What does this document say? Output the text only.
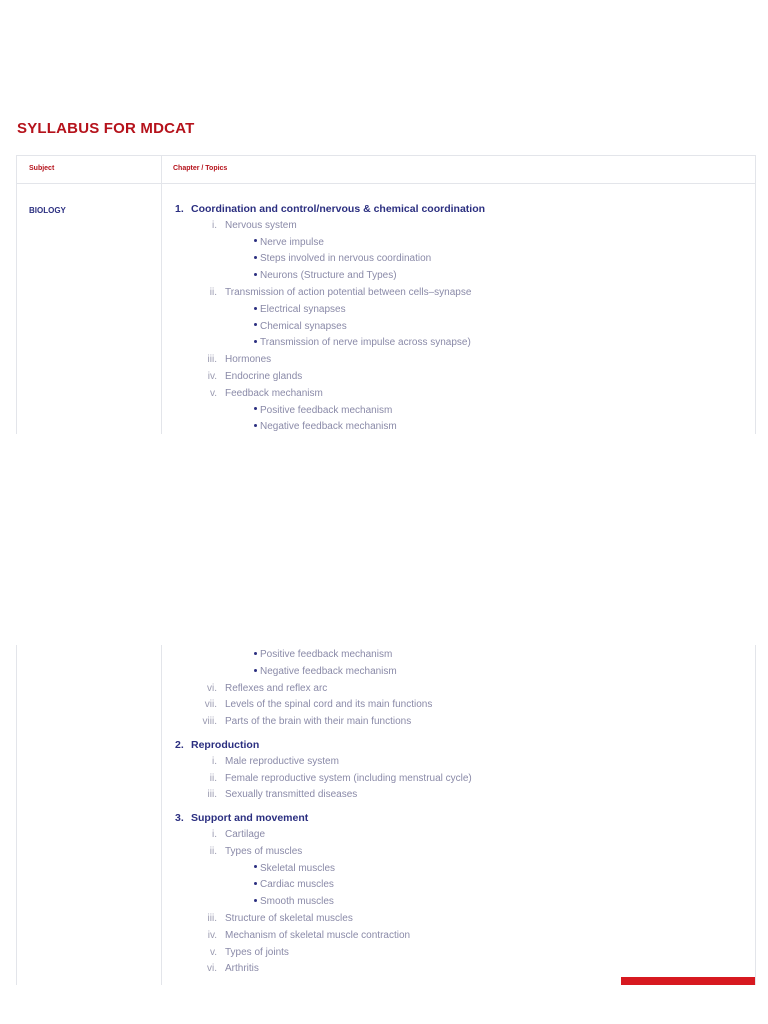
SYLLABUS FOR MDCAT
Subject	Chapter / Topics
BIOLOGY	1. Coordination and control/nervous & chemical coordination
i. Nervous system
Nerve impulse
Steps involved in nervous coordination
Neurons (Structure and Types)
ii. Transmission of action potential between cells–synapse
Electrical synapses
Chemical synapses
Transmission of nerve impulse across synapse)
iii. Hormones
iv. Endocrine glands
v. Feedback mechanism
Positive feedback mechanism
Negative feedback mechanism
Positive feedback mechanism
Negative feedback mechanism
vi. Reflexes and reflex arc
vii. Levels of the spinal cord and its main functions
viii. Parts of the brain with their main functions
2. Reproduction
i. Male reproductive system
ii. Female reproductive system (including menstrual cycle)
iii. Sexually transmitted diseases
3. Support and movement
i. Cartilage
ii. Types of muscles
Skeletal muscles
Cardiac muscles
Smooth muscles
iii. Structure of skeletal muscles
iv. Mechanism of skeletal muscle contraction
v. Types of joints
vi. Arthritis
